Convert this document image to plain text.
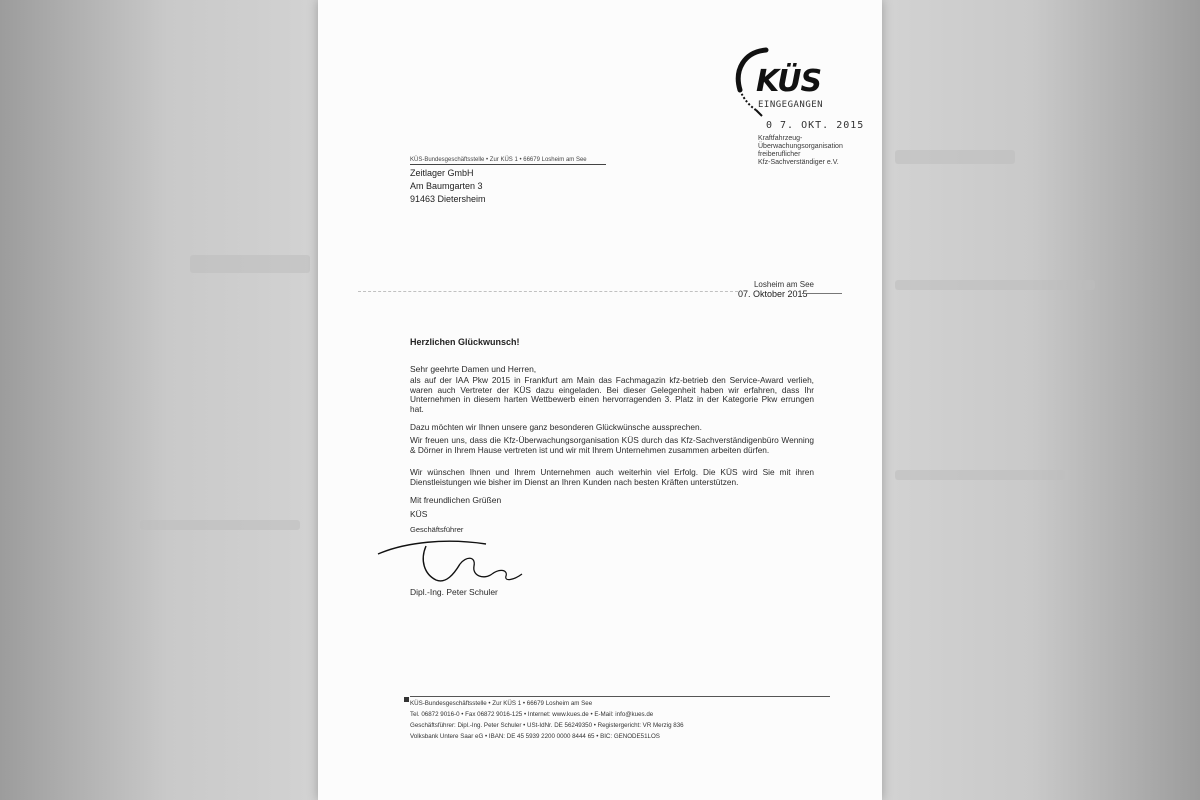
KÜS
EINGEGANGEN
0 7. OKT. 2015
Kraftfahrzeug-
Überwachungsorganisation
freiberuflicher
Kfz-Sachverständiger e.V.
KÜS-Bundesgeschäftsstelle • Zur KÜS 1 • 66679 Losheim am See
Zeitlager GmbH
Am Baumgarten 3
91463 Dietersheim
Losheim am See
07. Oktober 2015
Herzlichen Glückwunsch!
Sehr geehrte Damen und Herren,
als auf der IAA Pkw 2015 in Frankfurt am Main das Fachmagazin kfz-betrieb den Service-Award verlieh, waren auch Vertreter der KÜS dazu eingeladen. Bei dieser Gelegenheit haben wir erfahren, dass Ihr Unternehmen in diesem harten Wettbewerb einen hervorragenden 3. Platz in der Kategorie Pkw errungen hat.
Dazu möchten wir Ihnen unsere ganz besonderen Glückwünsche aussprechen.
Wir freuen uns, dass die Kfz-Überwachungsorganisation KÜS durch das Kfz-Sachverständigenbüro Wenning & Dörner in Ihrem Hause vertreten ist und wir mit Ihrem Unternehmen zusammen arbeiten dürfen.
Wir wünschen Ihnen und Ihrem Unternehmen auch weiterhin viel Erfolg. Die KÜS wird Sie mit ihren Dienstleistungen wie bisher im Dienst an Ihren Kunden nach besten Kräften unterstützen.
Mit freundlichen Grüßen
KÜS
Geschäftsführer
Dipl.-Ing. Peter Schuler
KÜS-Bundesgeschäftsstelle • Zur KÜS 1 • 66679 Losheim am See
Tel. 06872 9016-0 • Fax 06872 9016-125 • Internet: www.kues.de • E-Mail: info@kues.de
Geschäftsführer: Dipl.-Ing. Peter Schuler • USt-IdNr. DE 56249350 • Registergericht: VR Merzig 836
Volksbank Untere Saar eG • IBAN: DE 45 5939 2200 0000 8444 65 • BIC: GENODE51LOS
